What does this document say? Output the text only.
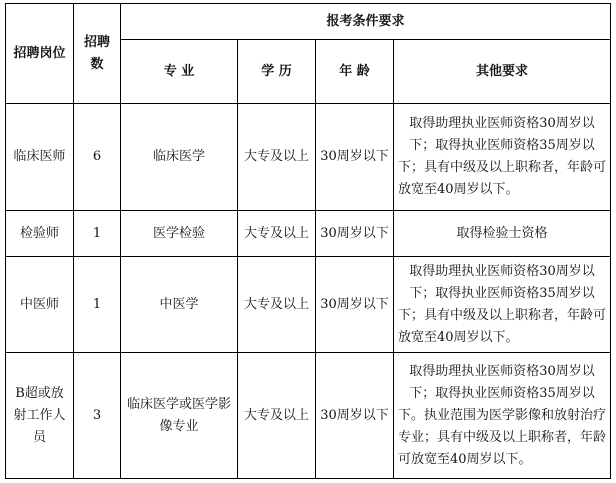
招聘岗位	招聘数	报考条件要求			
		专 业	学 历	年 龄	其他要求
临床医师	6	临床医学	大专及以上	30周岁以下	取得助理执业医师资格30周岁以下；取得执业医师资格35周岁以下；具有中级及以上职称者，年龄可放宽至40周岁以下。
检验师	1	医学检验	大专及以上	30周岁以下	取得检验士资格
中医师	1	中医学	大专及以上	30周岁以下	取得助理执业医师资格30周岁以下；取得执业医师资格35周岁以下；具有中级及以上职称者，年龄可放宽至40周岁以下。
B超或放射工作人员	3	临床医学或医学影像专业	大专及以上	30周岁以下	取得助理执业医师资格30周岁以下；取得执业医师资格35周岁以下。执业范围为医学影像和放射治疗专业；具有中级及以上职称者，年龄可放宽至40周岁以下。
